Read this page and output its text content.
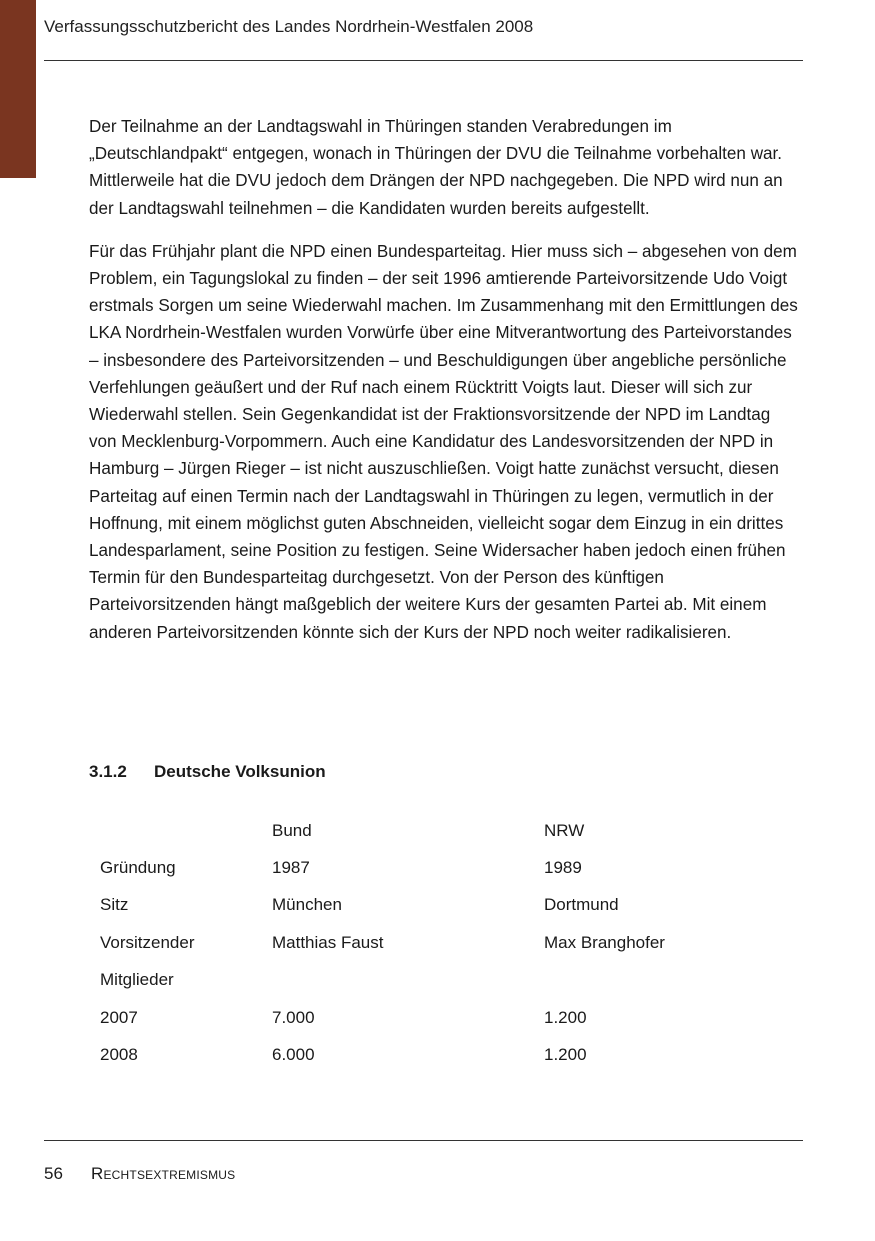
Verfassungsschutzbericht des Landes Nordrhein-Westfalen 2008

Der Teilnahme an der Landtagswahl in Thüringen standen Verabredungen im „Deutschlandpakt“ entgegen, wonach in Thüringen der DVU die Teilnahme vorbehalten war. Mittlerweile hat die DVU jedoch dem Drängen der NPD nachgegeben. Die NPD wird nun an der Landtagswahl teilnehmen – die Kandidaten wurden bereits aufgestellt.

Für das Frühjahr plant die NPD einen Bundesparteitag. Hier muss sich – abgesehen von dem Problem, ein Tagungslokal zu finden – der seit 1996 amtierende Parteivorsitzende Udo Voigt erstmals Sorgen um seine Wiederwahl machen. Im Zusammenhang mit den Ermittlungen des LKA Nordrhein-Westfalen wurden Vorwürfe über eine Mitverantwortung des Parteivorstandes – insbesondere des Parteivorsitzenden – und Beschuldigungen über angebliche persönliche Verfehlungen geäußert und der Ruf nach einem Rücktritt Voigts laut. Dieser will sich zur Wiederwahl stellen. Sein Gegenkandidat ist der Fraktionsvorsitzende der NPD im Landtag von Mecklenburg-Vorpommern. Auch eine Kandidatur des Landesvorsitzenden der NPD in Hamburg – Jürgen Rieger – ist nicht auszuschließen. Voigt hatte zunächst versucht, diesen Parteitag auf einen Termin nach der Landtagswahl in Thüringen zu legen, vermutlich in der Hoffnung, mit einem möglichst guten Abschneiden, vielleicht sogar dem Einzug in ein drittes Landesparlament, seine Position zu festigen. Seine Widersacher haben jedoch einen frühen Termin für den Bundesparteitag durchgesetzt. Von der Person des künftigen Parteivorsitzenden hängt maßgeblich der weitere Kurs der gesamten Partei ab. Mit einem anderen Parteivorsitzenden könnte sich der Kurs der NPD noch weiter radikalisieren.

3.1.2 Deutsche Volksunion
	Bund	NRW
Gründung	1987	1989
Sitz	München	Dortmund
Vorsitzender	Matthias Faust	Max Branghofer
Mitglieder		
2007	7.000	1.200
2008	6.000	1.200
56 Rechtsextremismus
